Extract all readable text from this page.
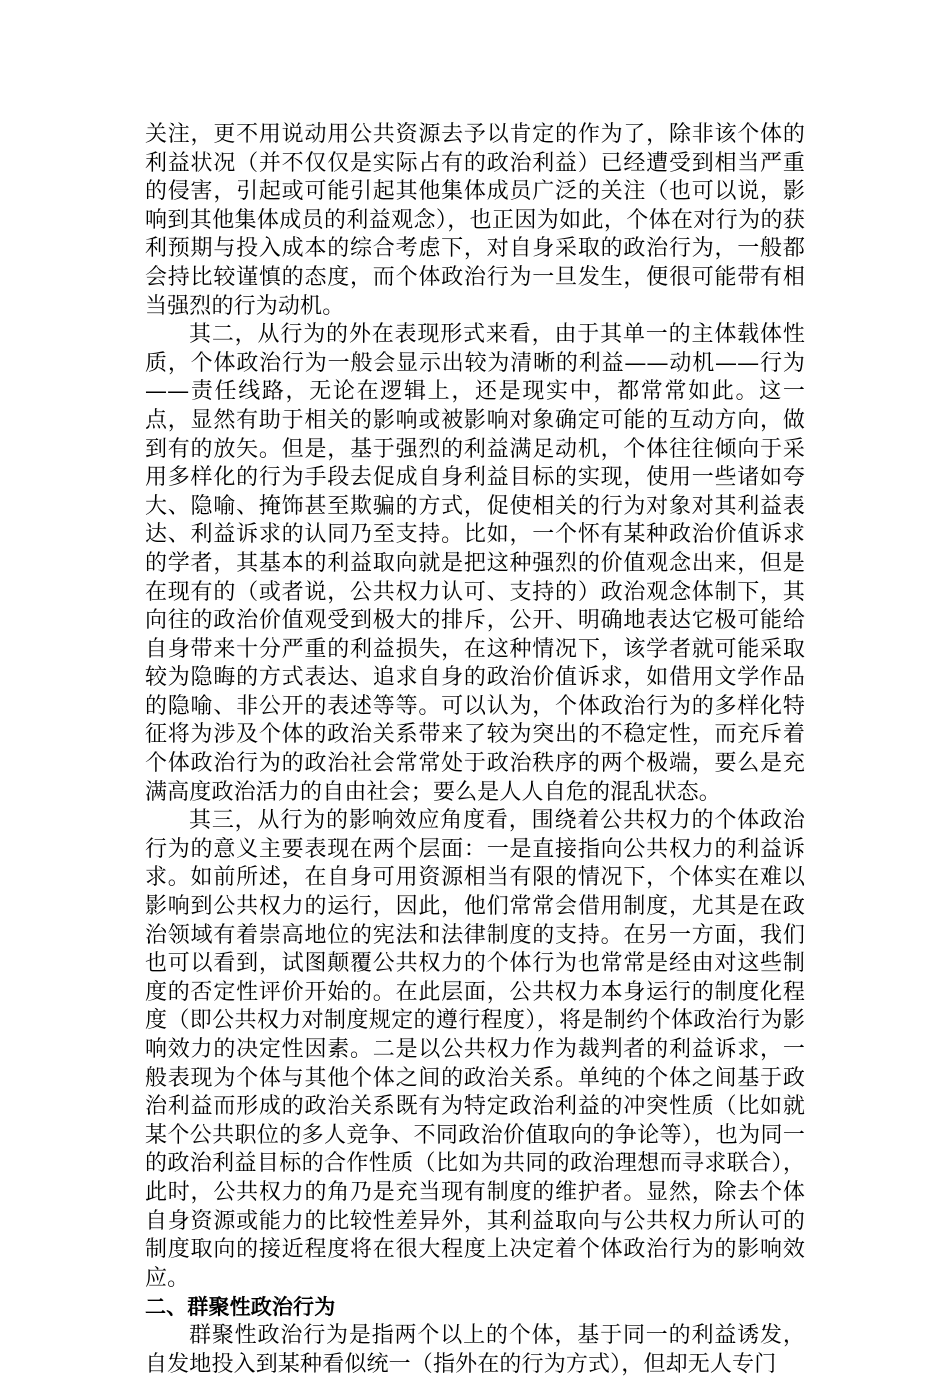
关注，更不用说动用公共资源去予以肯定的作为了，除非该个体的利益状况（并不仅仅是实际占有的政治利益）已经遭受到相当严重的侵害，引起或可能引起其他集体成员广泛的关注（也可以说，影响到其他集体成员的利益观念），也正因为如此，个体在对行为的获利预期与投入成本的综合考虑下，对自身采取的政治行为，一般都会持比较谨慎的态度，而个体政治行为一旦发生，便很可能带有相当强烈的行为动机。

其二，从行为的外在表现形式来看，由于其单一的主体载体性质，个体政治行为一般会显示出较为清晰的利益——动机——行为——责任线路，无论在逻辑上，还是现实中，都常常如此。这一点，显然有助于相关的影响或被影响对象确定可能的互动方向，做到有的放矢。但是，基于强烈的利益满足动机，个体往往倾向于采用多样化的行为手段去促成自身利益目标的实现，使用一些诸如夸大、隐喻、掩饰甚至欺骗的方式，促使相关的行为对象对其利益表达、利益诉求的认同乃至支持。比如，一个怀有某种政治价值诉求的学者，其基本的利益取向就是把这种强烈的价值观念出来，但是在现有的（或者说，公共权力认可、支持的）政治观念体制下，其向往的政治价值观受到极大的排斥，公开、明确地表达它极可能给自身带来十分严重的利益损失，在这种情况下，该学者就可能采取较为隐晦的方式表达、追求自身的政治价值诉求，如借用文学作品的隐喻、非公开的表述等等。可以认为，个体政治行为的多样化特征将为涉及个体的政治关系带来了较为突出的不稳定性，而充斥着个体政治行为的政治社会常常处于政治秩序的两个极端，要么是充满高度政治活力的自由社会；要么是人人自危的混乱状态。

其三，从行为的影响效应角度看，围绕着公共权力的个体政治行为的意义主要表现在两个层面：一是直接指向公共权力的利益诉求。如前所述，在自身可用资源相当有限的情况下，个体实在难以影响到公共权力的运行，因此，他们常常会借用制度，尤其是在政治领域有着崇高地位的宪法和法律制度的支持。在另一方面，我们也可以看到，试图颠覆公共权力的个体行为也常常是经由对这些制度的否定性评价开始的。在此层面，公共权力本身运行的制度化程度（即公共权力对制度规定的遵行程度），将是制约个体政治行为影响效力的决定性因素。二是以公共权力作为裁判者的利益诉求，一般表现为个体与其他个体之间的政治关系。单纯的个体之间基于政治利益而形成的政治关系既有为特定政治利益的冲突性质（比如就某个公共职位的多人竞争、不同政治价值取向的争论等），也为同一的政治利益目标的合作性质（比如为共同的政治理想而寻求联合），此时，公共权力的角乃是充当现有制度的维护者。显然，除去个体自身资源或能力的比较性差异外，其利益取向与公共权力所认可的制度取向的接近程度将在很大程度上决定着个体政治行为的影响效应。

二、群聚性政治行为

群聚性政治行为是指两个以上的个体，基于同一的利益诱发，自发地投入到某种看似统一（指外在的行为方式），但却无人专门
